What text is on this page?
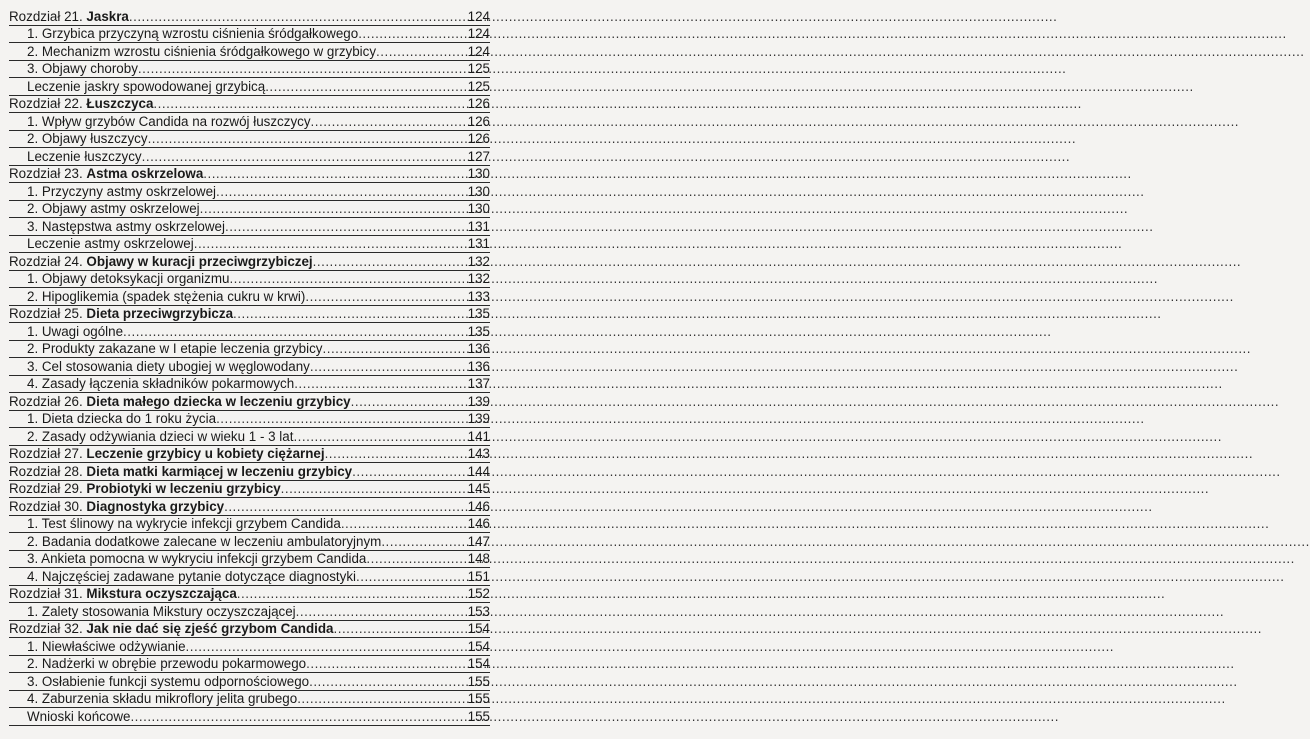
Rozdział 21. Jaskra .....	124
1. Grzybica przyczyną wzrostu ciśnienia śródgałkowego .....	124
2. Mechanizm wzrostu ciśnienia śródgałkowego w grzybicy .....	124
3. Objawy choroby .....	125
Leczenie jaskry spowodowanej grzybicą .....	125
Rozdział 22. Łuszczyca .....	126
1. Wpływ grzybów Candida na rozwój łuszczycy .....	126
2. Objawy łuszczycy .....	126
Leczenie łuszczycy .....	127
Rozdział 23. Astma oskrzelowa .....	130
1. Przyczyny astmy oskrzelowej .....	130
2. Objawy astmy oskrzelowej .....	130
3. Następstwa astmy oskrzelowej .....	131
Leczenie astmy oskrzelowej .....	131
Rozdział 24. Objawy w kuracji przeciwgrzybiczej .....	132
1. Objawy detoksykacji organizmu .....	132
2. Hipoglikemia (spadek stężenia cukru w krwi) .....	133
Rozdział 25. Dieta przeciwgrzybicza .....	135
1. Uwagi ogólne .....	135
2. Produkty zakazane w I etapie leczenia grzybicy .....	136
3. Cel stosowania diety ubogiej w węglowodany .....	136
4. Zasady łączenia składników pokarmowych .....	137
Rozdział 26. Dieta małego dziecka w leczeniu grzybicy .....	139
1. Dieta dziecka do 1 roku życia .....	139
2. Zasady odżywiania dzieci w wieku 1 - 3 lat .....	141
Rozdział 27. Leczenie grzybicy u kobiety ciężarnej .....	143
Rozdział 28. Dieta matki karmiącej w leczeniu grzybicy .....	144
Rozdział 29. Probiotyki w leczeniu grzybicy .....	145
Rozdział 30. Diagnostyka grzybicy .....	146
1. Test ślinowy na wykrycie infekcji grzybem Candida .....	146
2. Badania dodatkowe zalecane w leczeniu ambulatoryjnym .....	147
3. Ankieta pomocna w wykryciu infekcji grzybem Candida .....	148
4. Najczęściej zadawane pytanie dotyczące diagnostyki .....	151
Rozdział 31. Mikstura oczyszczająca .....	152
1. Zalety stosowania Mikstury oczyszczającej .....	153
Rozdział 32. Jak nie dać się zjeść grzybom Candida .....	154
1. Niewłaściwe odżywianie .....	154
2. Nadżerki w obrębie przewodu pokarmowego .....	154
3. Osłabienie funkcji systemu odpornościowego .....	155
4. Zaburzenia składu mikroflory jelita grubego .....	155
Wnioski końcowe .....	155
